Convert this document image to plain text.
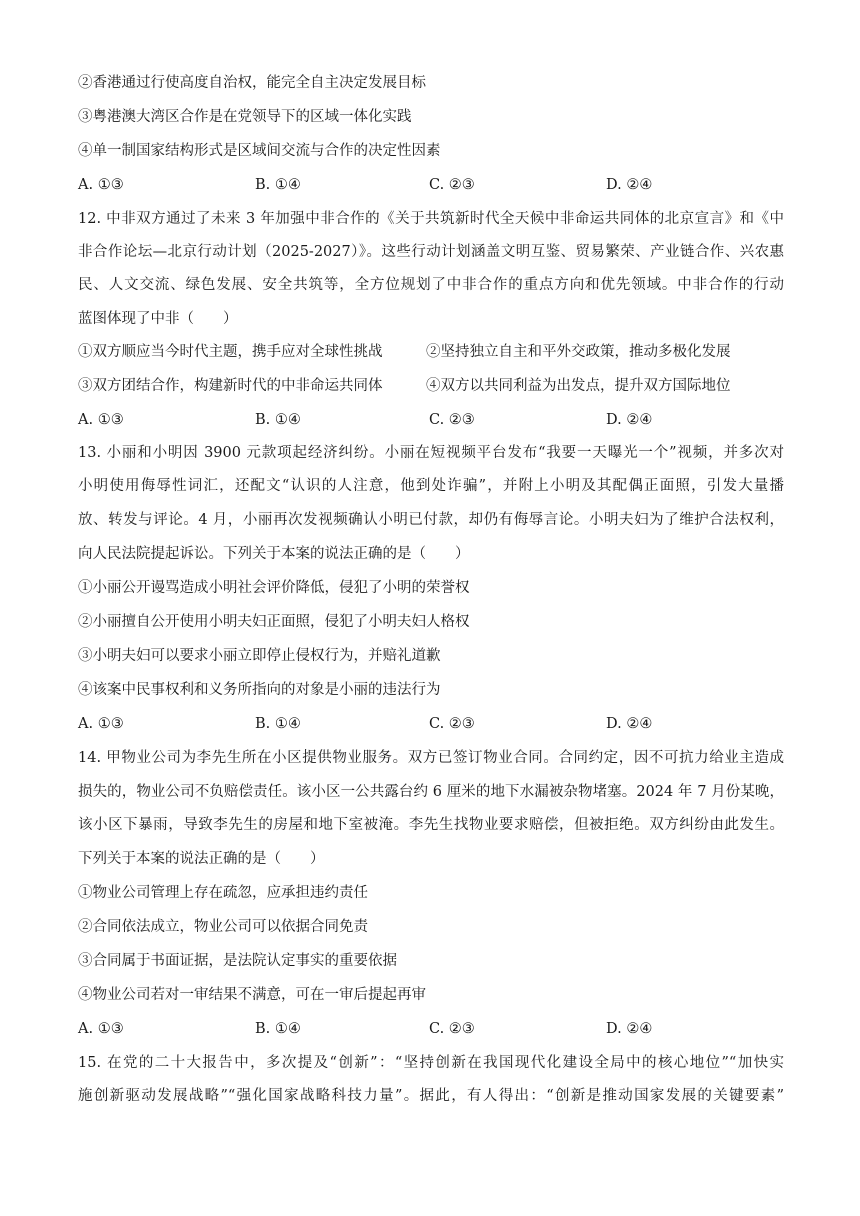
②香港通过行使高度自治权，能完全自主决定发展目标
③粤港澳大湾区合作是在党领导下的区域一体化实践
④单一制国家结构形式是区域间交流与合作的决定性因素
A. ①③	B. ①④	C. ②③	D. ②④
12. 中非双方通过了未来 3 年加强中非合作的《关于共筑新时代全天候中非命运共同体的北京宣言》和《中
非合作论坛—北京行动计划（2025-2027）》。这些行动计划涵盖文明互鉴、贸易繁荣、产业链合作、兴农惠
民、人文交流、绿色发展、安全共筑等，全方位规划了中非合作的重点方向和优先领域。中非合作的行动
蓝图体现了中非（　　）
①双方顺应当今时代主题，携手应对全球性挑战	②坚持独立自主和平外交政策，推动多极化发展
③双方团结合作，构建新时代的中非命运共同体	④双方以共同利益为出发点，提升双方国际地位
A. ①③	B. ①④	C. ②③	D. ②④
13. 小丽和小明因 3900 元款项起经济纠纷。小丽在短视频平台发布“我要一天曝光一个”视频，并多次对
小明使用侮辱性词汇，还配文“认识的人注意，他到处诈骗”，并附上小明及其配偶正面照，引发大量播
放、转发与评论。4 月，小丽再次发视频确认小明已付款，却仍有侮辱言论。小明夫妇为了维护合法权利，
向人民法院提起诉讼。下列关于本案的说法正确的是（　　）
①小丽公开谩骂造成小明社会评价降低，侵犯了小明的荣誉权
②小丽擅自公开使用小明夫妇正面照，侵犯了小明夫妇人格权
③小明夫妇可以要求小丽立即停止侵权行为，并赔礼道歉
④该案中民事权利和义务所指向的对象是小丽的违法行为
A. ①③	B. ①④	C. ②③	D. ②④
14. 甲物业公司为李先生所在小区提供物业服务。双方已签订物业合同。合同约定，因不可抗力给业主造成
损失的，物业公司不负赔偿责任。该小区一公共露台约 6 厘米的地下水漏被杂物堵塞。2024 年 7 月份某晚，
该小区下暴雨，导致李先生的房屋和地下室被淹。李先生找物业要求赔偿，但被拒绝。双方纠纷由此发生。
下列关于本案的说法正确的是（　　）
①物业公司管理上存在疏忽，应承担违约责任
②合同依法成立，物业公司可以依据合同免责
③合同属于书面证据，是法院认定事实的重要依据
④物业公司若对一审结果不满意，可在一审后提起再审
A. ①③	B. ①④	C. ②③	D. ②④
15. 在党的二十大报告中，多次提及“创新”：“坚持创新在我国现代化建设全局中的核心地位”“加快实
施创新驱动发展战略”“强化国家战略科技力量”。据此，有人得出：“创新是推动国家发展的关键要素”
